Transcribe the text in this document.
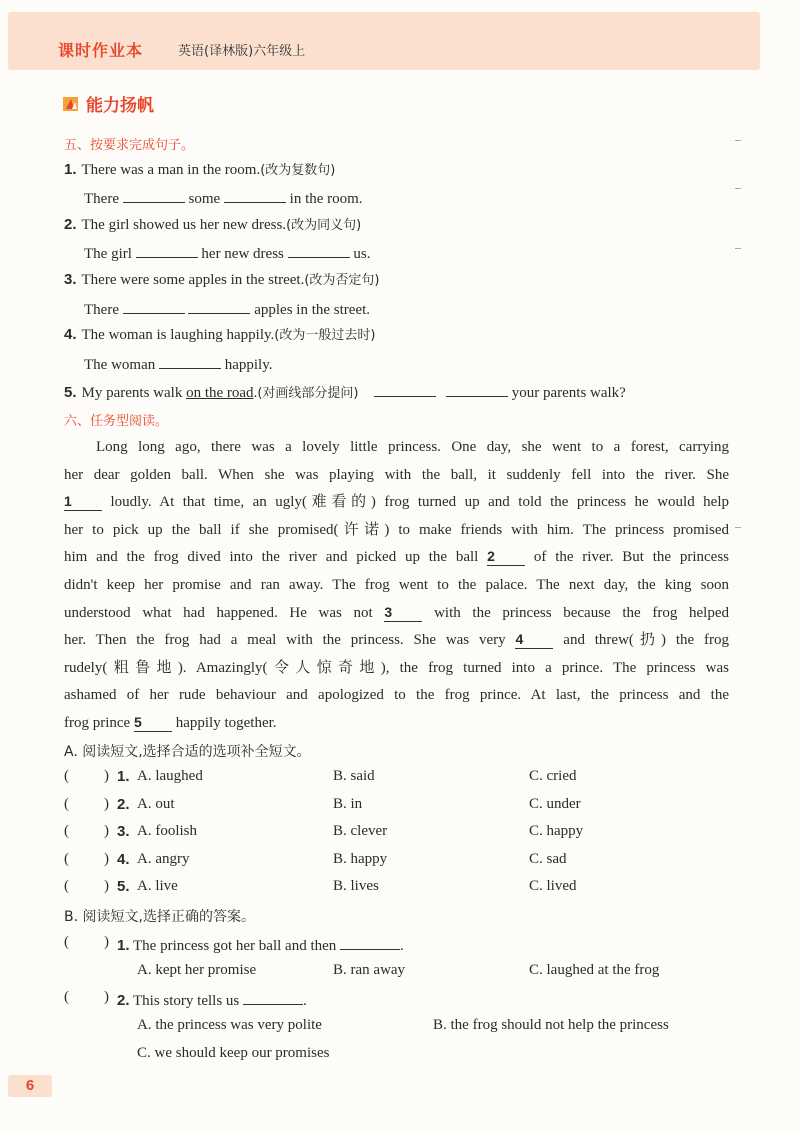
课时作业本	英语(译林版)六年级上
能力扬帆
五、按要求完成句子。
1. There was a man in the room.(改为复数句)
There	some	in the room.
2. The girl showed us her new dress.(改为同义句)
The girl	her new dress	us.
3. There were some apples in the street.(改为否定句)
There	apples in the street.
4. The woman is laughing happily.(改为一般过去时)
The woman	happily.
5. My parents walk on the road.(对画线部分提问)	your parents walk?
六、任务型阅读。
Long long ago, there was a lovely little princess. One day, she went to a forest, carrying
her dear golden ball. When she was playing with the ball, it suddenly fell into the river. She
1	loudly. At that time, an ugly(难看的) frog turned up and told the princess he would help
her to pick up the ball if she promised(许诺) to make friends with him. The princess promised
him and the frog dived into the river and picked up the ball 2	of the river. But the princess
didn't keep her promise and ran away. The frog went to the palace. The next day, the king soon
understood what had happened. He was not 3	with the princess because the frog helped
her. Then the frog had a meal with the princess. She was very 4	and threw(扔) the frog
rudely(粗鲁地). Amazingly(令人惊奇地), the frog turned into a prince. The princess was
ashamed of her rude behaviour and apologized to the frog prince. At last, the princess and the
frog prince 5 happily together.
A. 阅读短文,选择合适的选项补全短文。
( ) 1. A. laughed	B. said	C. cried
( ) 2. A. out	B. in	C. under
( ) 3. A. foolish	B. clever	C. happy
( ) 4. A. angry	B. happy	C. sad
( ) 5. A. live	B. lives	C. lived
B. 阅读短文,选择正确的答案。
( ) 1. The princess got her ball and then	.
A. kept her promise	B. ran away	C. laughed at the frog
( ) 2. This story tells us	.
A. the princess was very polite	B. the frog should not help the princess
C. we should keep our promises
6
